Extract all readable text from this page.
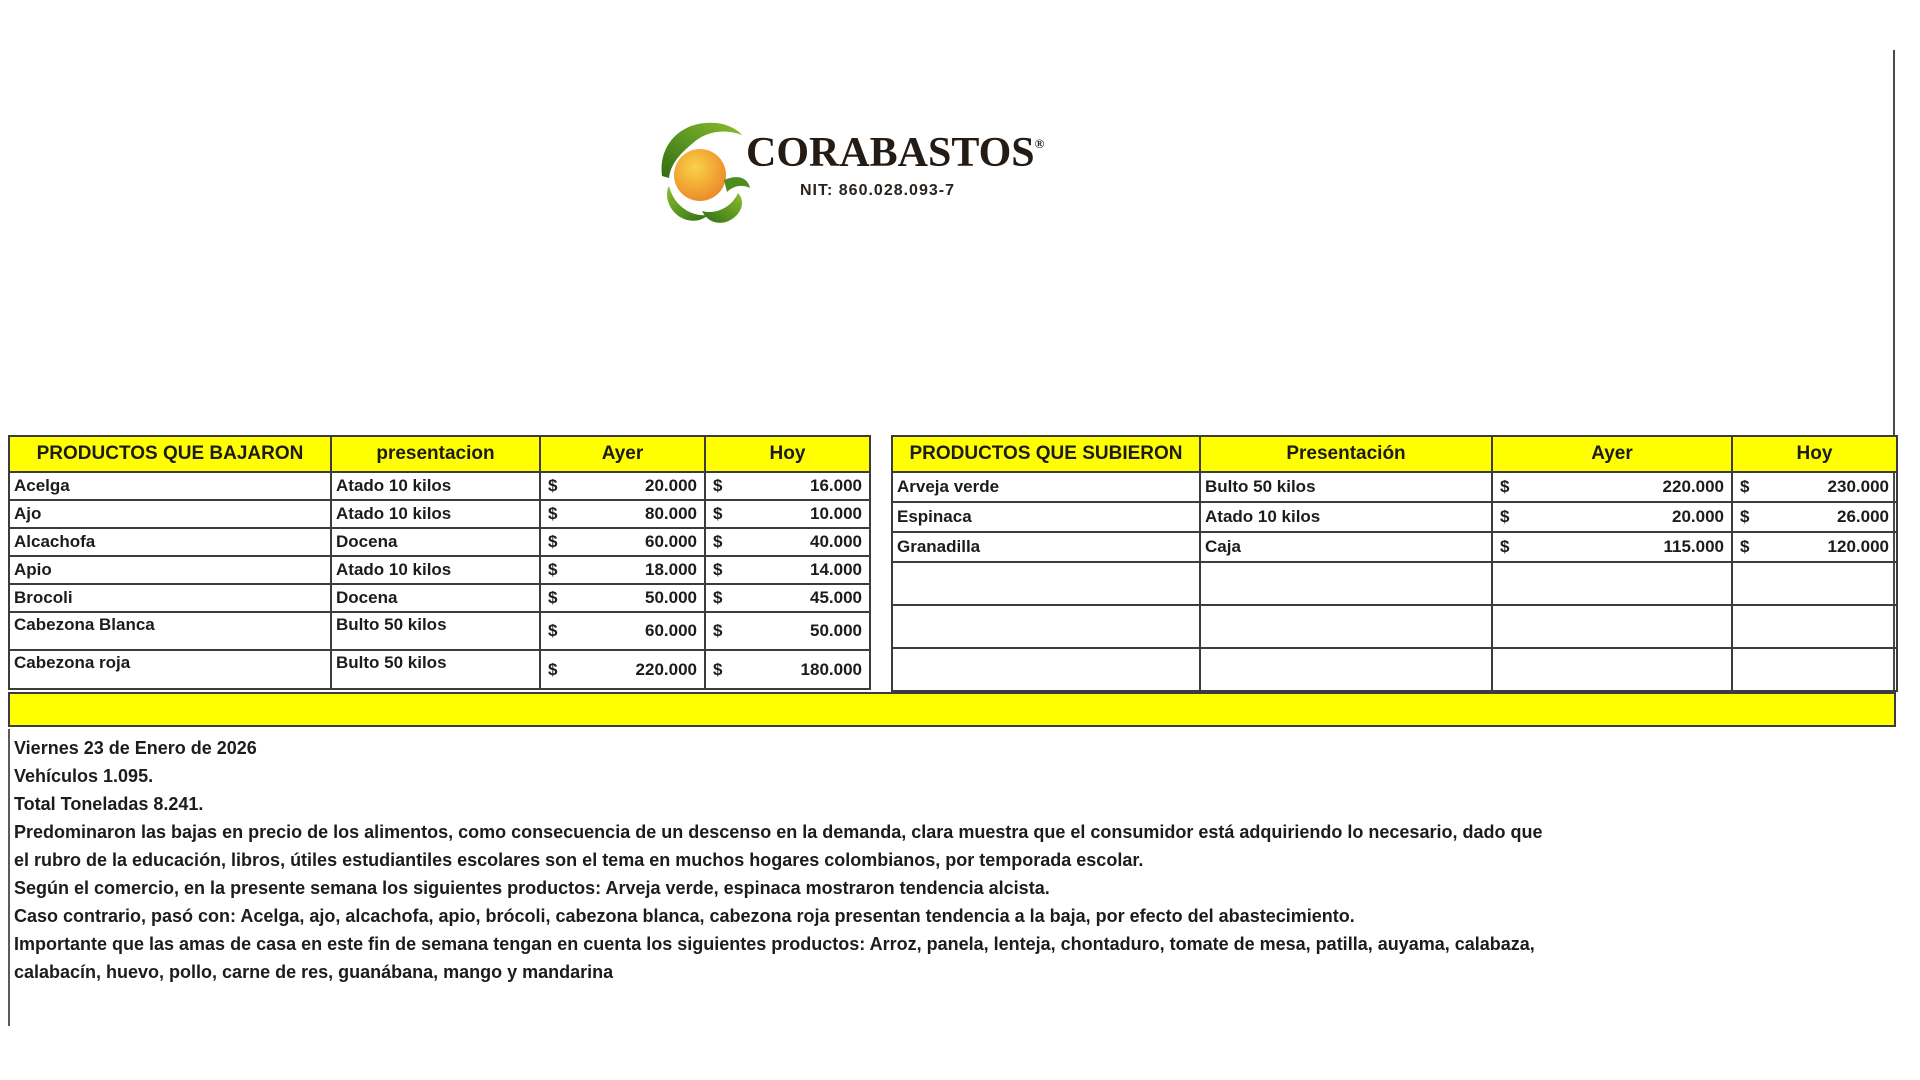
CORABASTOS®
NIT: 860.028.093-7
PRODUCTOS QUE BAJARON	presentacion	Ayer	Hoy
Acelga	Atado 10 kilos	$ 20.000	$ 16.000

Ajo	Atado 10 kilos	$ 80.000	$ 10.000

Alcachofa	Docena	$ 60.000	$ 40.000

Apio	Atado 10 kilos	$ 18.000	$ 14.000

Brocoli	Docena	$ 50.000	$ 45.000

Cabezona Blanca	Bulto 50 kilos	$ 60.000	$ 50.000

Cabezona roja	Bulto 50 kilos	$ 220.000	$ 180.000
PRODUCTOS QUE SUBIERON	Presentación	Ayer	Hoy
Arveja verde	Bulto 50 kilos	$ 220.000	$ 230.000

Espinaca	Atado 10 kilos	$ 20.000	$ 26.000

Granadilla	Caja	$ 115.000	$ 120.000

Viernes 23 de Enero de 2026

Vehículos 1.095.

Total Toneladas 8.241.

Predominaron las bajas en precio de los alimentos, como consecuencia de un descenso en la demanda, clara muestra que el consumidor está adquiriendo lo necesario, dado que el rubro de la educación, libros, útiles estudiantiles escolares son el tema en muchos hogares colombianos, por temporada escolar.

Según el comercio, en la presente semana los siguientes productos: Arveja verde, espinaca mostraron tendencia alcista.

Caso contrario, pasó con: Acelga, ajo, alcachofa, apio, brócoli, cabezona blanca, cabezona roja presentan tendencia a la baja, por efecto del abastecimiento.

Importante que las amas de casa en este fin de semana tengan en cuenta los siguientes productos: Arroz, panela, lenteja, chontaduro, tomate de mesa, patilla, auyama, calabaza, calabacín, huevo, pollo, carne de res, guanábana, mango y mandarina
